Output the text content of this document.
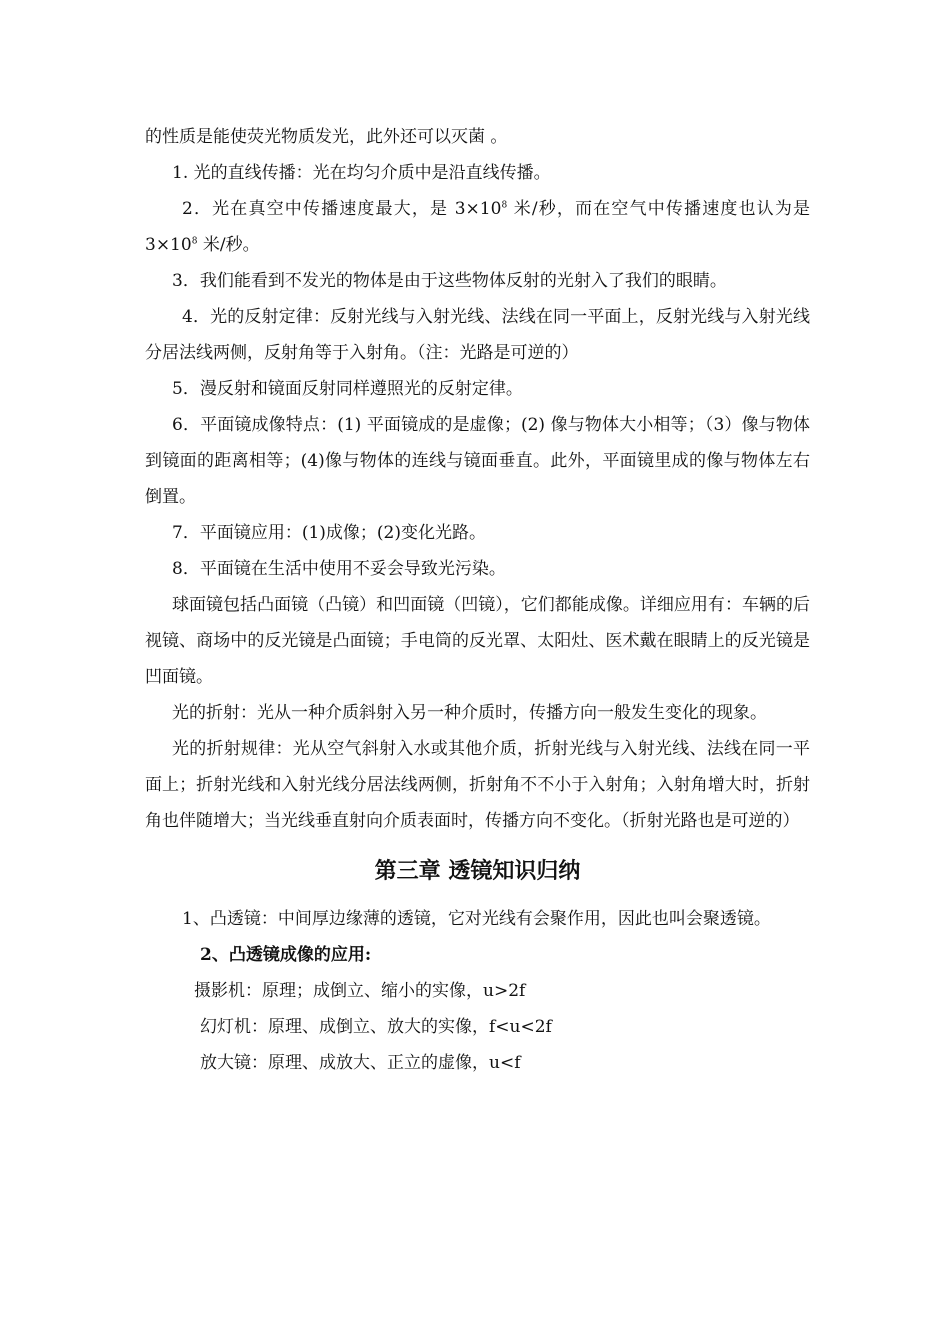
的性质是能使荧光物质发光，此外还可以灭菌 。

1. 光的直线传播：光在均匀介质中是沿直线传播。

2．光在真空中传播速度最大，是 $3\times 10^8$ 米/秒，而在空气中传播速度也认为是 $3\times 10^8$ 米/秒。

3．我们能看到不发光的物体是由于这些物体反射的光射入了我们的眼睛。

4．光的反射定律：反射光线与入射光线、法线在同一平面上，反射光线与入射光线分居法线两侧，反射角等于入射角。（注：光路是可逆的）

5．漫反射和镜面反射同样遵照光的反射定律。

6．平面镜成像特点：(1) 平面镜成的是虚像；(2) 像与物体大小相等；（3）像与物体到镜面的距离相等；(4)像与物体的连线与镜面垂直。此外，平面镜里成的像与物体左右倒置。

7．平面镜应用：(1)成像；(2)变化光路。

8．平面镜在生活中使用不妥会导致光污染。

球面镜包括凸面镜（凸镜）和凹面镜（凹镜），它们都能成像。详细应用有：车辆的后视镜、商场中的反光镜是凸面镜；手电筒的反光罩、太阳灶、医术戴在眼睛上的反光镜是凹面镜。

光的折射：光从一种介质斜射入另一种介质时，传播方向一般发生变化的现象。

光的折射规律：光从空气斜射入水或其他介质，折射光线与入射光线、法线在同一平面上；折射光线和入射光线分居法线两侧，折射角不不小于入射角；入射角增大时，折射角也伴随增大；当光线垂直射向介质表面时，传播方向不变化。（折射光路也是可逆的）

第三章 透镜知识归纳

1、凸透镜：中间厚边缘薄的透镜，它对光线有会聚作用，因此也叫会聚透镜。

2、凸透镜成像的应用:

摄影机：原理；成倒立、缩小的实像，u>2f

幻灯机：原理、成倒立、放大的实像，f<u<2f

放大镜：原理、成放大、正立的虚像，u<f
